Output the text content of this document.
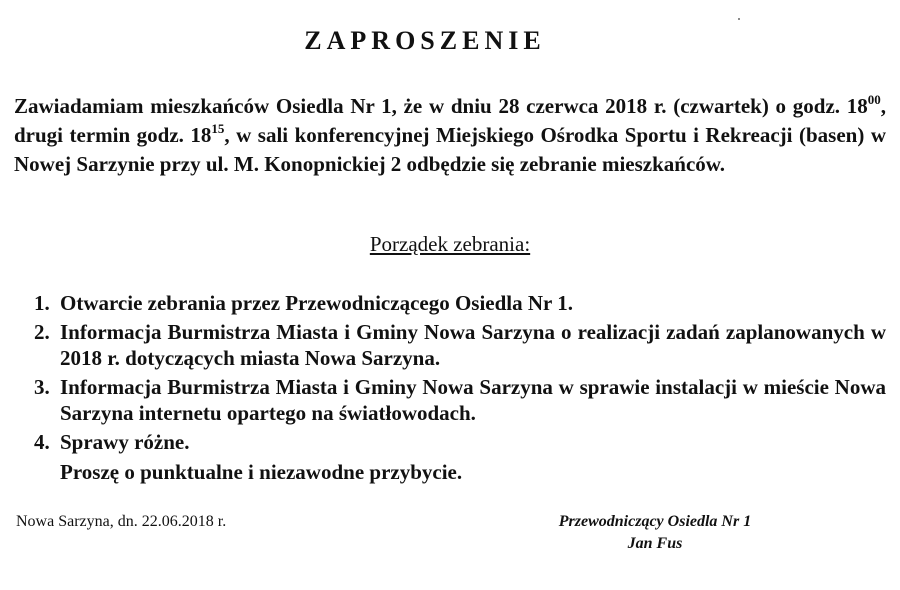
ZAPROSZENIE

Zawiadamiam mieszkańców Osiedla Nr 1, że w dniu 28 czerwca 2018 r. (czwartek) o godz. $18^{00}$, drugi termin godz. $18^{15}$, w sali konferencyjnej Miejskiego Ośrodka Sportu i Rekreacji (basen) w Nowej Sarzynie przy ul. M. Konopnickiej 2 odbędzie się zebranie mieszkańców.

Porządek zebrania:
1. Otwarcie zebrania przez Przewodniczącego Osiedla Nr 1.
2. Informacja Burmistrza Miasta i Gminy Nowa Sarzyna o realizacji zadań zaplanowanych w 2018 r. dotyczących miasta Nowa Sarzyna.
3. Informacja Burmistrza Miasta i Gminy Nowa Sarzyna w sprawie instalacji w mieście Nowa Sarzyna internetu opartego na światłowodach.
4. Sprawy różne.
Proszę o punktualne i niezawodne przybycie.
Nowa Sarzyna, dn. 22.06.2018 r.	Przewodniczący Osiedla Nr 1
Jan Fus
